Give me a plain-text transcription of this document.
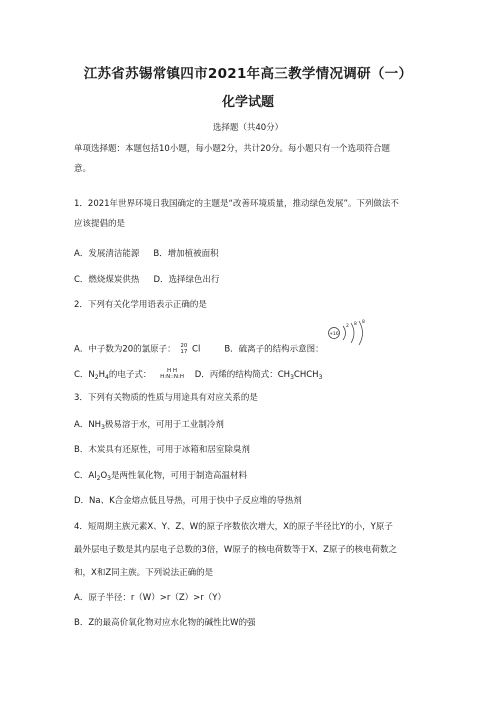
江苏省苏锡常镇四市2021年高三教学情况调研（一）
化学试题
选择题（共40分）
单项选择题：本题包括10小题，每小题2分，共计20分。每小题只有一个选项符合题
意。
1．2021年世界环境日我国确定的主题是“改善环境质量，推动绿色发展”。下列做法不
应该提倡的是
A．发展清洁能源 B．增加植被面积
C．燃烧煤炭供热 D．选择绿色出行
2．下列有关化学用语表示正确的是
A．中子数为20的氯原子： 20
17 Cl	B．硫离子的结构示意图：
+16
2 8 8
C．$N_2H_4$的电子式：	H H
H:N::N:H D．丙烯的结构简式：$CH_3CHCH_3$
3．下列有关物质的性质与用途具有对应关系的是
A．$NH_3$极易溶于水，可用于工业制冷剂
B．木炭具有还原性，可用于冰箱和居室除臭剂
C．$Al_2O_3$是两性氧化物，可用于制造高温材料
D．Na、K合金熔点低且导热，可用于快中子反应堆的导热剂
4．短周期主族元素X、Y、Z、W的原子序数依次增大，X的原子半径比Y的小，Y原子
最外层电子数是其内层电子总数的3倍，W原子的核电荷数等于X、Z原子的核电荷数之
和，X和Z同主族。下列说法正确的是
A．原子半径：r（W）>r（Z）>r（Y）
B．Z的最高价氧化物对应水化物的碱性比W的强
